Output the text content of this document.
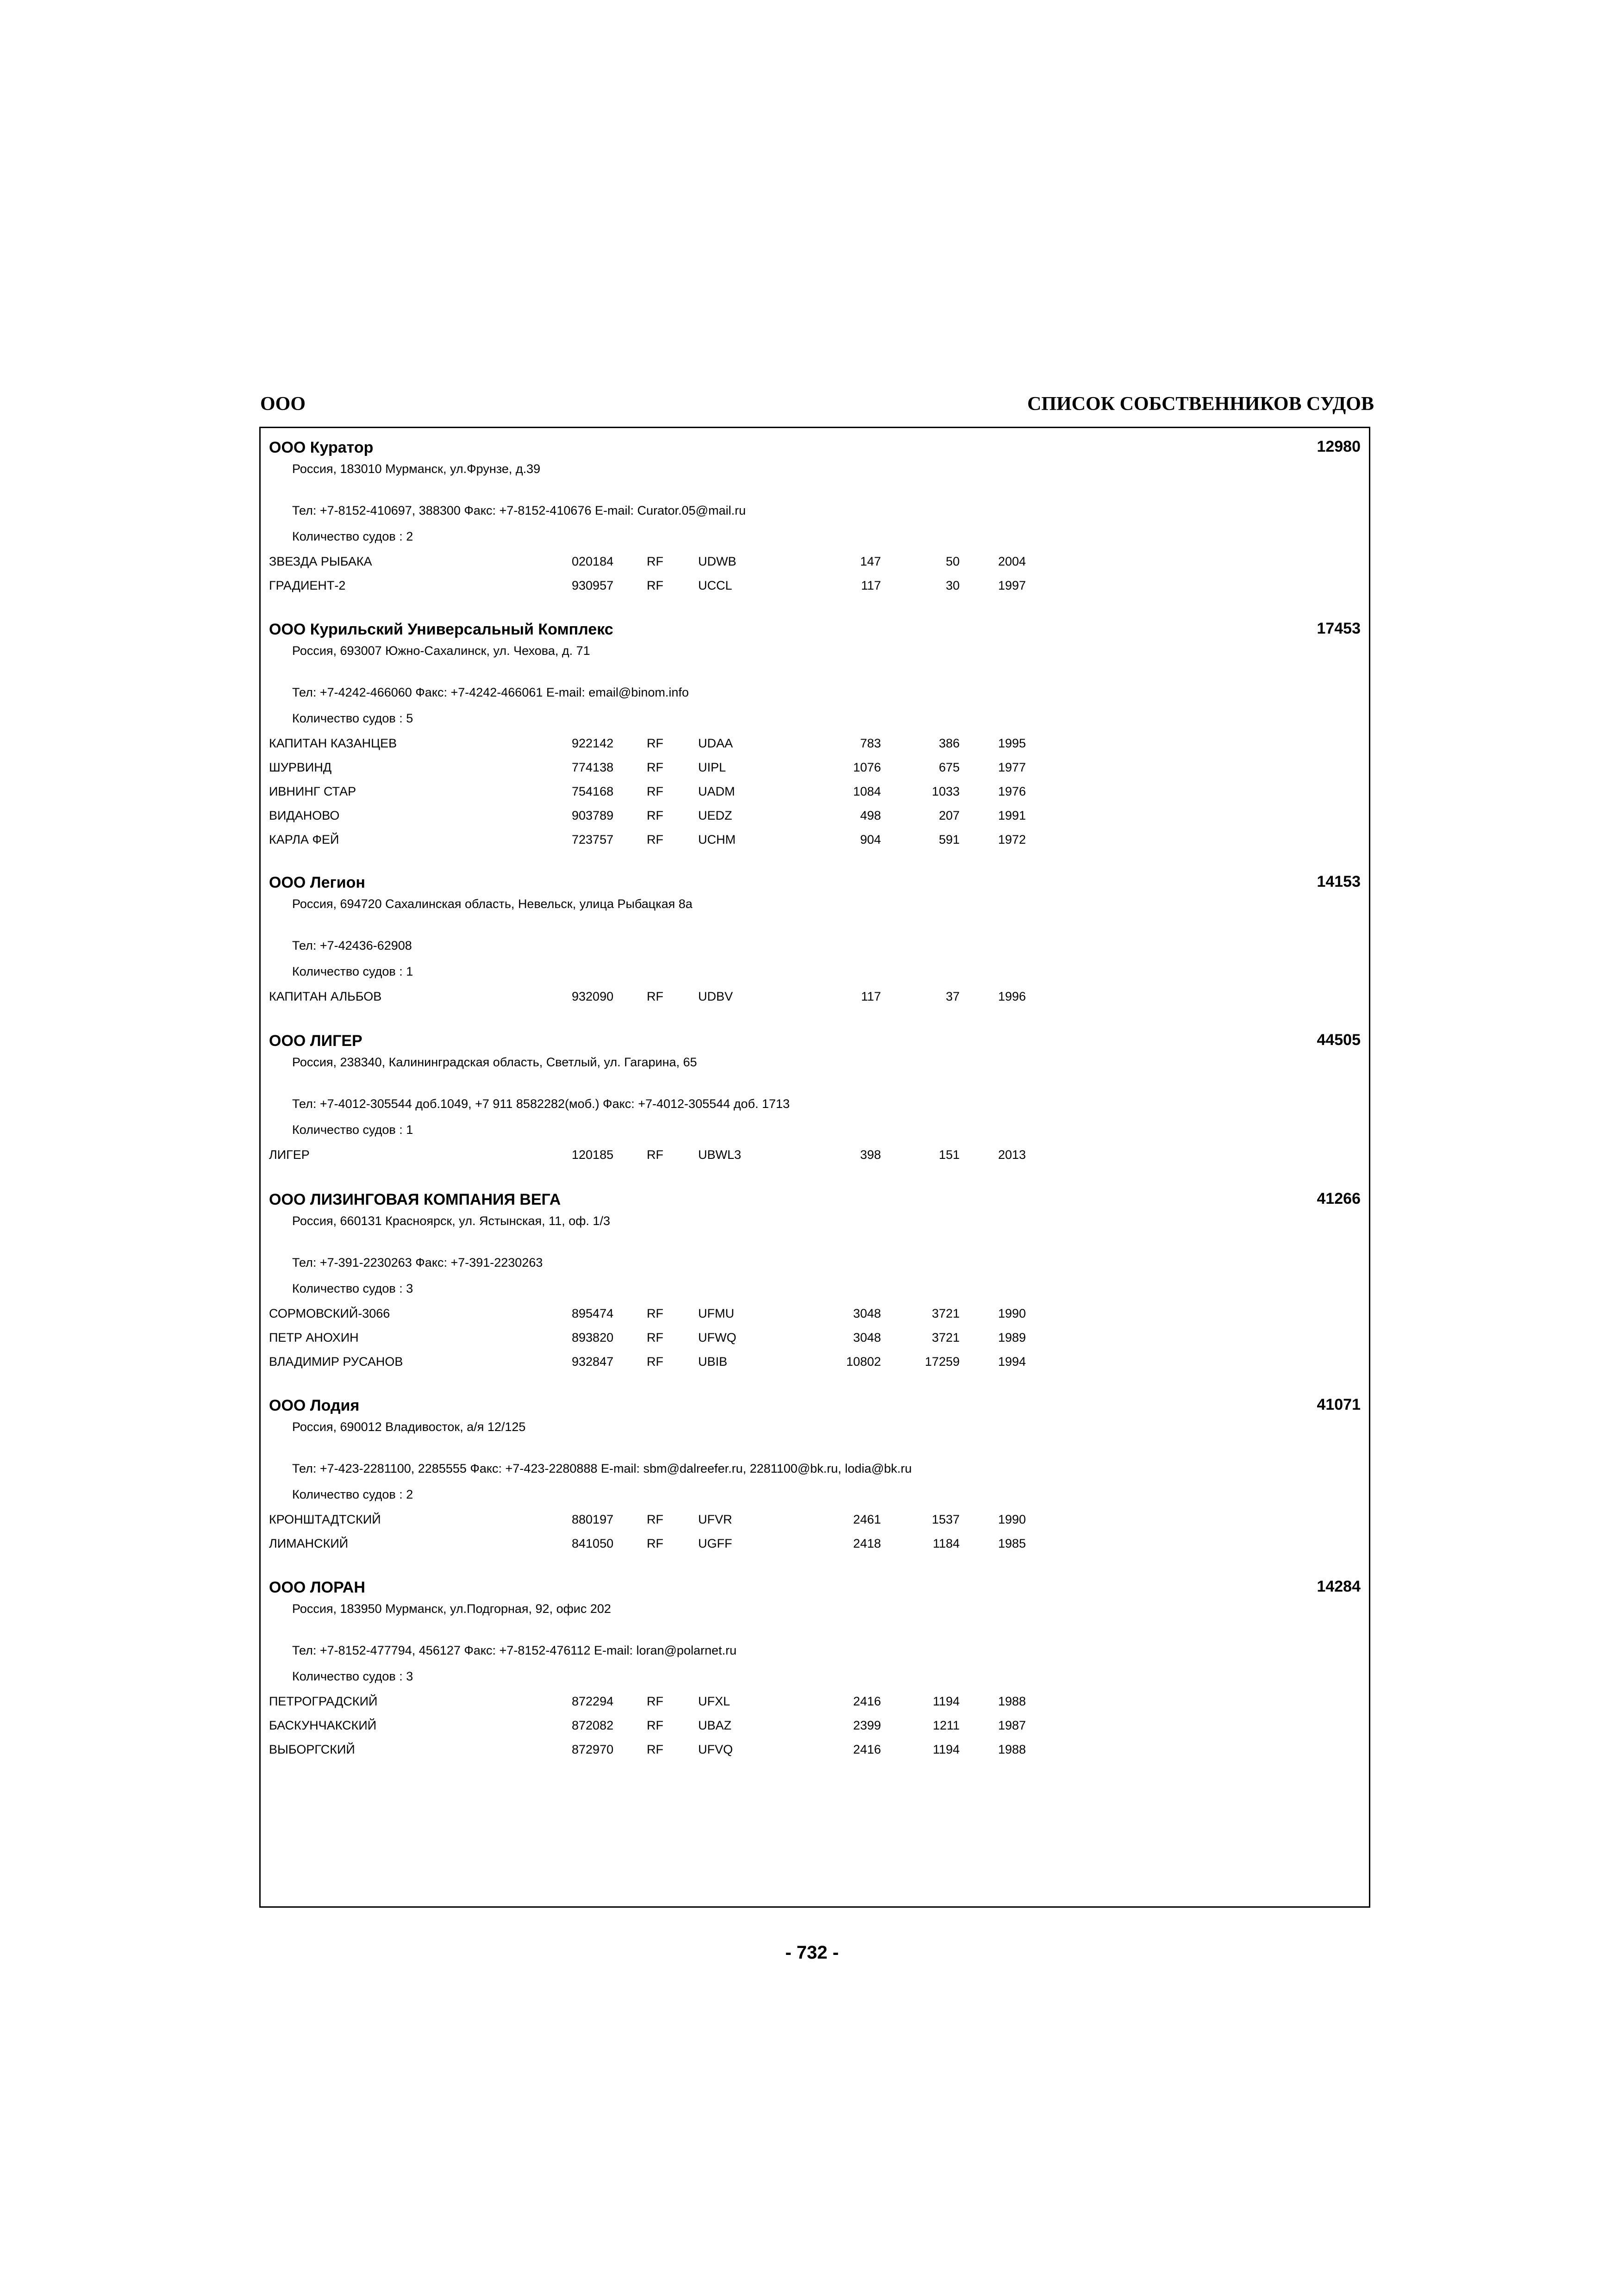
ООО	СПИСОК СОБСТВЕННИКОВ СУДОВ
ООО Куратор	12980
Россия, 183010 Мурманск, ул.Фрунзе, д.39
Тел: +7-8152-410697, 388300 Факс: +7-8152-410676 E-mail: Curator.05@mail.ru
Количество судов : 2
ЗВЕЗДА РЫБАКА	020184	RF	UDWB	147	50	2004
ГРАДИЕНТ-2	930957	RF	UCCL	117	30	1997
ООО Курильский Универсальный Комплекс	17453
Россия, 693007 Южно-Сахалинск, ул. Чехова, д. 71
Тел: +7-4242-466060 Факс: +7-4242-466061 E-mail: email@binom.info
Количество судов : 5
КАПИТАН КАЗАНЦЕВ	922142	RF	UDAA	783	386	1995
ШУРВИНД	774138	RF	UIPL	1076	675	1977
ИВНИНГ СТАР	754168	RF	UADM	1084	1033	1976
ВИДАНОВО	903789	RF	UEDZ	498	207	1991
КАРЛА ФЕЙ	723757	RF	UCHM	904	591	1972
ООО Легион	14153
Россия, 694720 Сахалинская область, Невельск, улица Рыбацкая 8а
Тел: +7-42436-62908
Количество судов : 1
КАПИТАН АЛЬБОВ	932090	RF	UDBV	117	37	1996
ООО ЛИГЕР	44505
Россия, 238340, Калининградская область, Светлый, ул. Гагарина, 65
Тел: +7-4012-305544 доб.1049, +7 911 8582282(моб.) Факс: +7-4012-305544 доб. 1713
Количество судов : 1
ЛИГЕР	120185	RF	UBWL3	398	151	2013
ООО ЛИЗИНГОВАЯ КОМПАНИЯ ВЕГА	41266
Россия, 660131 Красноярск, ул. Ястынская, 11, оф. 1/3
Тел: +7-391-2230263 Факс: +7-391-2230263
Количество судов : 3
СОРМОВСКИЙ-3066	895474	RF	UFMU	3048	3721	1990
ПЕТР АНОХИН	893820	RF	UFWQ	3048	3721	1989
ВЛАДИМИР РУСАНОВ	932847	RF	UBIB	10802	17259	1994
ООО Лодия	41071
Россия, 690012 Владивосток, а/я 12/125
Тел: +7-423-2281100, 2285555 Факс: +7-423-2280888 E-mail: sbm@dalreefer.ru, 2281100@bk.ru, lodia@bk.ru
Количество судов : 2
КРОНШТАДТСКИЙ	880197	RF	UFVR	2461	1537	1990
ЛИМАНСКИЙ	841050	RF	UGFF	2418	1184	1985
ООО ЛОРАН	14284
Россия, 183950 Мурманск, ул.Подгорная, 92, офис 202
Тел: +7-8152-477794, 456127 Факс: +7-8152-476112 E-mail: loran@polarnet.ru
Количество судов : 3
ПЕТРОГРАДСКИЙ	872294	RF	UFXL	2416	1194	1988
БАСКУНЧАКСКИЙ	872082	RF	UBAZ	2399	1211	1987
ВЫБОРГСКИЙ	872970	RF	UFVQ	2416	1194	1988
- 732 -
